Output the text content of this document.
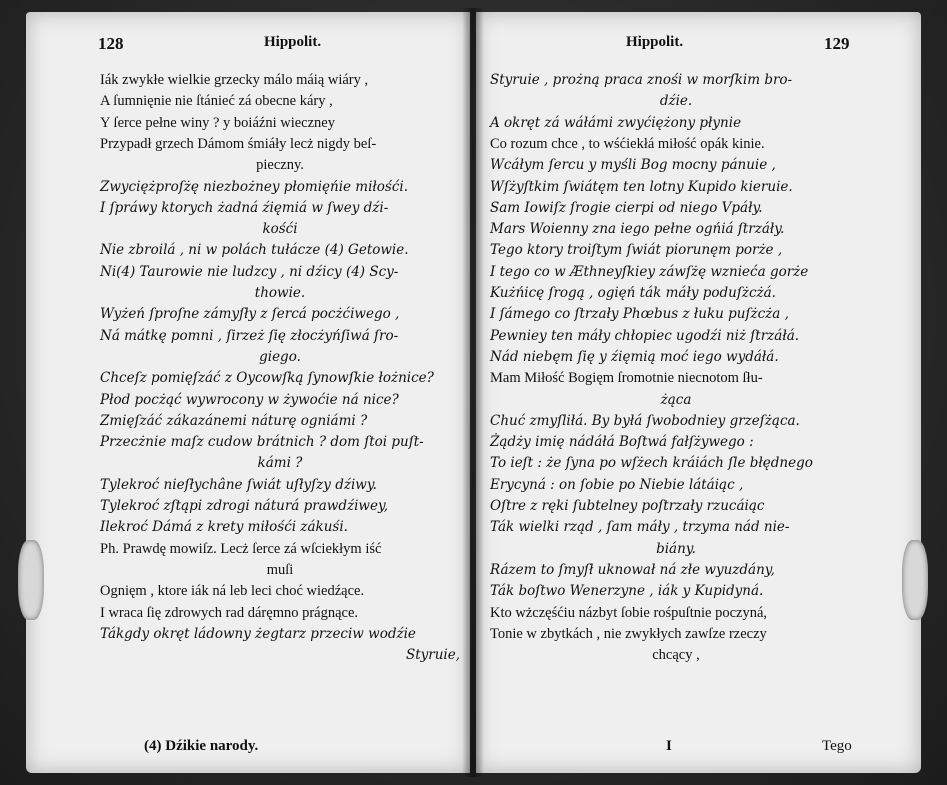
128	Hippolit.
Iák zwykłe wielkie grzecky málo máią wiáry ,
A ſumnięnie nie ſtánieć zá obecne káry ,
Y ſerce pełne winy ? y boiáźni wieczney
Przypadł grzech Dámom śmiáły lecż nigdy beſ-
pieczny.
Zwyciężproſżę niezbożney płomięńie miłośći.
I ſpráwy ktorych żadná źięmiá w ſwey dźi-
kośći
Nie zbroilá , ni w polách tułácze (4) Getowie.
Ni(4) Taurowie nie ludzcy , ni dźicy (4) Scy-
thowie.
Wyżeń ſproſne zámyſły z ſercá pocżćiwego ,
Ná mátkę pomni , ſirzeż ſię złocżyńſiwá ſro-
giego.
Chceſz pomięſzáć z Oycowſką ſynowſkie łożnice?
Płod pocżąć wywrocony w żywoćie ná nice?
Zmięſzáć zákazánemi náturę ogniámi ?
Przecżnie maſz cudow brátnich ? dom ſtoi puſt-
kámi ?
Tylekroć nieſłychâne ſwiát uſłyſzy dźiwy.
Tylekroć zſtąpi zdrogi náturá prawdźiwey,
Ilekroć Dámá z krety miłośći zákuśi.
Ph. Prawdę mowiſz. Lecż ſerce zá wſciekłym iść
muſi
Ognięm , ktore iák ná leb leci choć wiedźące.
I wraca ſię zdrowych rad dáręmno prágnące.
Tákgdy okręt ládowny żegtarz przeciw wodźie
Styruie,
(4) Dźikie narody.
Hippolit.	129
Styruie , prożną praca znośi w morſkim bro-
dźie.
A okręt zá wáłámi zwyćiężony płynie
Co rozum chce , to wśćiekłá miłość opák kinie.
Wcáłym ſercu y myśli Bog mocny pánuie ,
Wſżyſtkim ſwiátęm ten lotny Kupido kieruie.
Sam Iowiſz ſrogie cierpi od niego Vpáły.
Mars Woienny zna iego pełne ogńiá ſtrzáły.
Tego ktory troiſtym ſwiát piorunęm porże ,
I tego co w Æthneyſkiey záwſżę wznieća gorże
Kużńicę ſrogą , ogięń ták máły poduſżcżá.
I ſámego co ſtrzały Phœbus z łuku puſżcża ,
Pewniey ten máły chłopiec ugodźi niż ſtrzáłá.
Nád niebęm ſię y źięmią moć iego wydáłá.
Mam Miłość Bogięm ſromotnie niecnotom ſłu-
żąca
Chuć zmyſliłá. By byłá ſwobodniey grzeſżąca.
Żądży imię nádáłá Boſtwá fałſżywego :
To ieſt : że ſyna po wſżech kráiách ſle błędnego
Erycyná : on ſobie po Niebie látáiąc ,
Oſtre z ręki ſubtelney poſtrzały rzucáiąc
Ták wielki rząd , ſam máły , trzyma nád nie-
biány.
Rázem to ſmyſł uknował ná złe wyuzdány,
Ták boſtwo Wenerzyne , iák y Kupidyná.
Kto wżczęśćiu názbyt ſobie rośpuſtnie poczyná,
Tonie w zbytkách , nie zwykłych zawſze rzeczy
chcący ,
I	Tego
